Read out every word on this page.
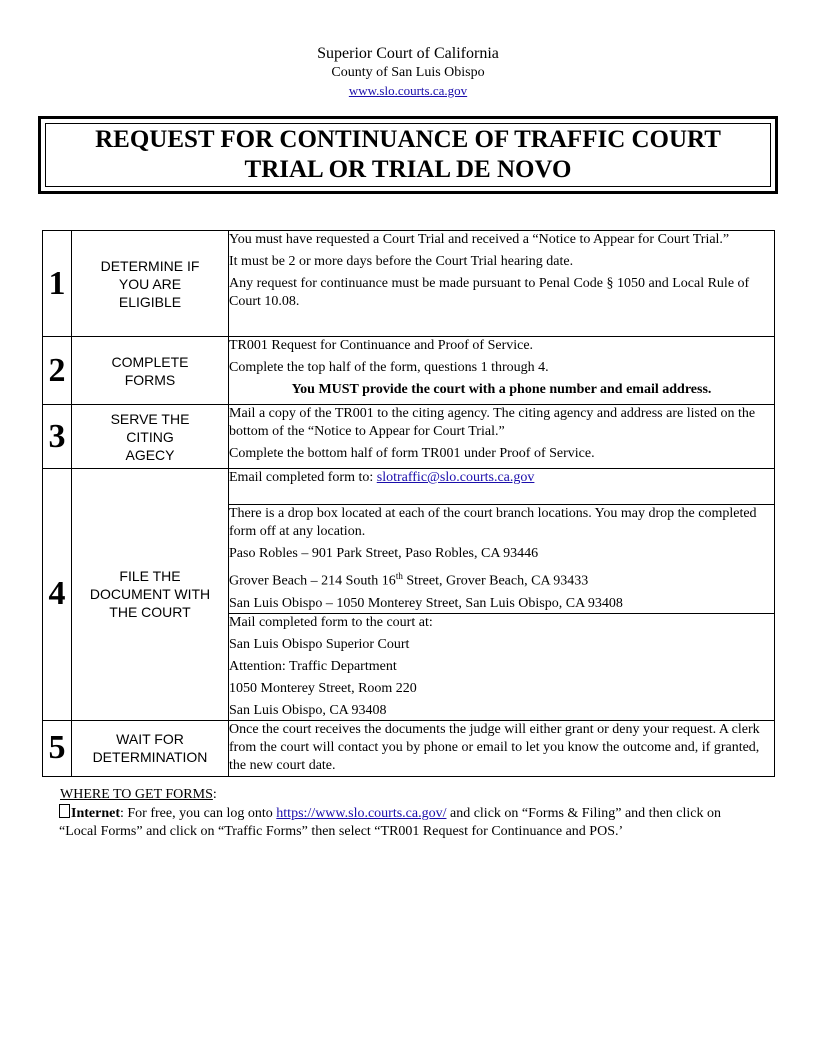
Superior Court of California
County of San Luis Obispo
www.slo.courts.ca.gov
REQUEST FOR CONTINUANCE OF TRAFFIC COURT
TRIAL OR TRIAL DE NOVO
1	DETERMINE IF YOU ARE ELIGIBLE	You must have requested a Court Trial and received a “Notice to Appear for Court Trial.”

It must be 2 or more days before the Court Trial hearing date.

Any request for continuance must be made pursuant to Penal Code § 1050 and Local Rule of Court 10.08.

2	COMPLETE FORMS	TR001 Request for Continuance and Proof of Service.

Complete the top half of the form, questions 1 through 4.

You MUST provide the court with a phone number and email address.

3	SERVE THE CITING AGECY	Mail a copy of the TR001 to the citing agency. The citing agency and address are listed on the bottom of the “Notice to Appear for Court Trial.”

Complete the bottom half of form TR001 under Proof of Service.

4	FILE THE DOCUMENT WITH THE COURT	Email completed form to: slotraffic@slo.courts.ca.gov

		There is a drop box located at each of the court branch locations. You may drop the completed form off at any location.

Paso Robles – 901 Park Street, Paso Robles, CA 93446

Grover Beach – 214 South 16th Street, Grover Beach, CA 93433

San Luis Obispo – 1050 Monterey Street, San Luis Obispo, CA 93408

		Mail completed form to the court at:

San Luis Obispo Superior Court

Attention: Traffic Department

1050 Monterey Street, Room 220

San Luis Obispo, CA 93408

5	WAIT FOR DETERMINATION	Once the court receives the documents the judge will either grant or deny your request. A clerk from the court will contact you by phone or email to let you know the outcome and, if granted, the new court date.

WHERE TO GET FORMS:
Internet: For free, you can log onto https://www.slo.courts.ca.gov/ and click on “Forms & Filing” and then click on “Local Forms” and click on “Traffic Forms” then select “TR001 Request for Continuance and POS.’
